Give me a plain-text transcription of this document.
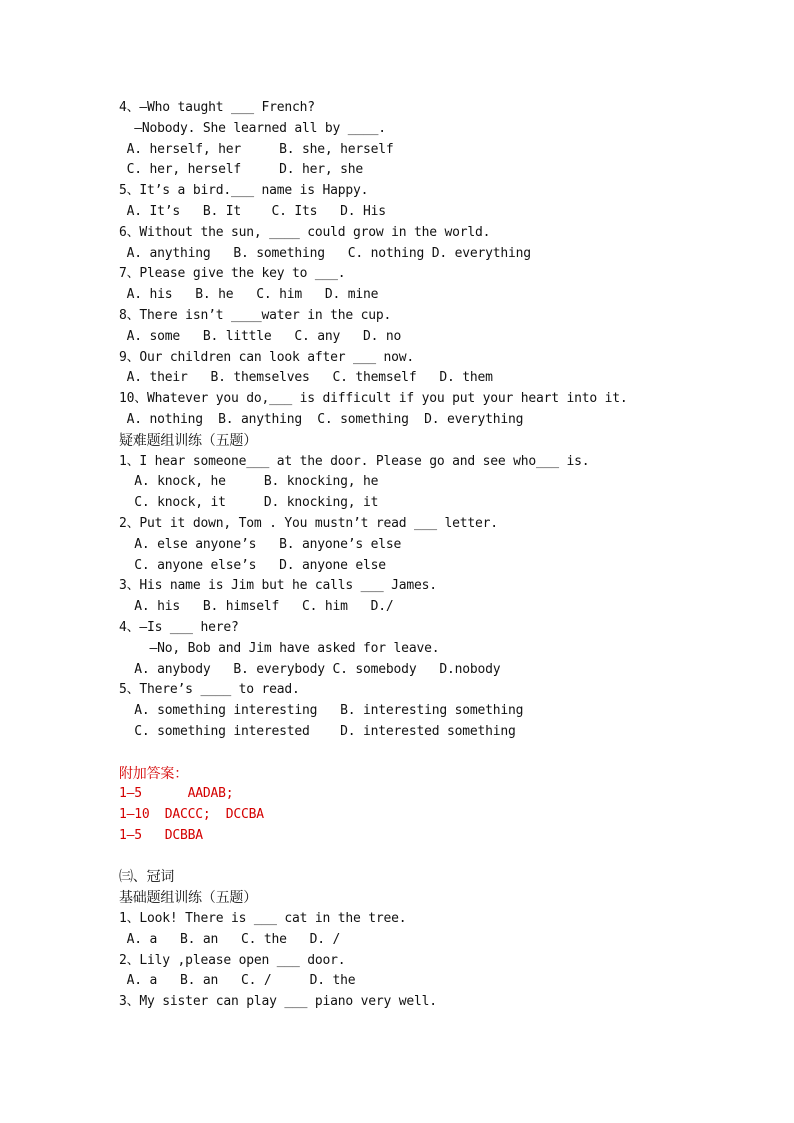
4、—Who taught ___ French?
—Nobody. She learned all by ____.
A. herself, her     B. she, herself
C. her, herself     D. her, she
5、It’s a bird.___ name is Happy.
A. It’s   B. It    C. Its   D. His
6、Without the sun, ____ could grow in the world.
A. anything   B. something   C. nothing D. everything
7、Please give the key to ___.
A. his   B. he   C. him   D. mine
8、There isn’t ____water in the cup.
A. some   B. little   C. any   D. no
9、Our children can look after ___ now.
A. their   B. themselves   C. themself   D. them
10、Whatever you do,___ is difficult if you put your heart into it.
A. nothing  B. anything  C. something  D. everything
疑难题组训练（五题）
1、I hear someone___ at the door. Please go and see who___ is.
A. knock, he     B. knocking, he
C. knock, it     D. knocking, it
2、Put it down, Tom . You mustn’t read ___ letter.
A. else anyone’s   B. anyone’s else
C. anyone else’s   D. anyone else
3、His name is Jim but he calls ___ James.
A. his   B. himself   C. him   D./
4、—Is ___ here?
—No, Bob and Jim have asked for leave.
A. anybody   B. everybody C. somebody   D.nobody
5、There’s ____ to read.
A. something interesting   B. interesting something
C. something interested    D. interested something
附加答案：
1—5      AADAB;
1—10  DACCC;  DCCBA
1—5   DCBBA
㈢、冠词
基础题组训练（五题）
1、Look! There is ___ cat in the tree.
A. a   B. an   C. the   D. /
2、Lily ,please open ___ door.
A. a   B. an   C. /     D. the
3、My sister can play ___ piano very well.
